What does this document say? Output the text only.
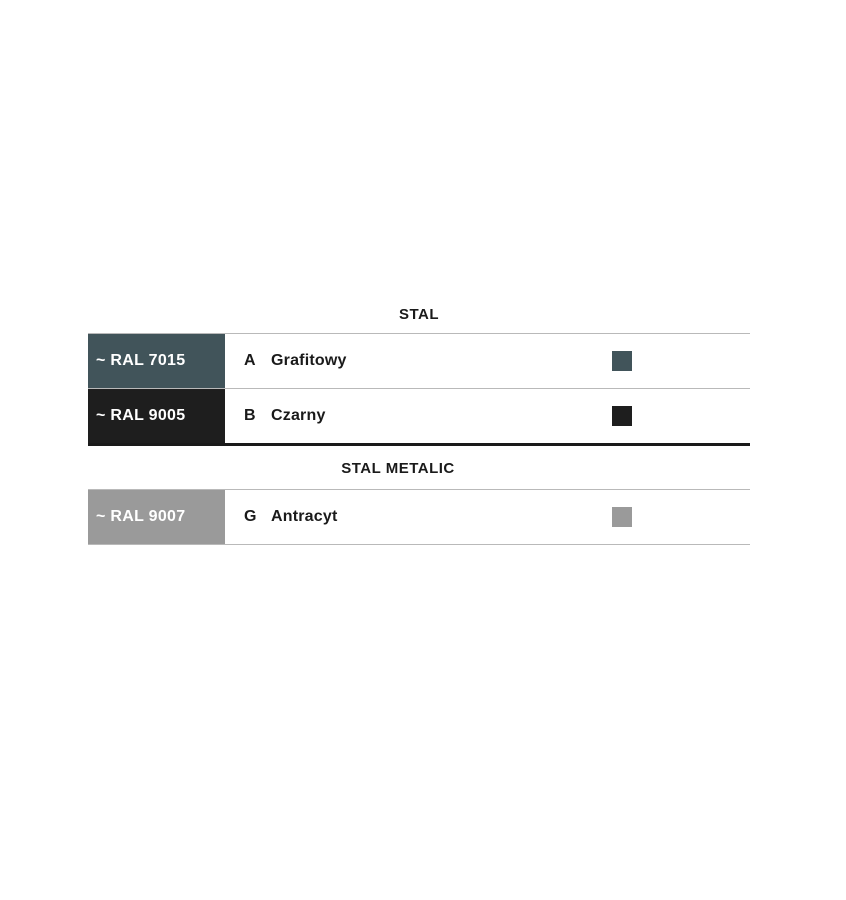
STAL
~ RAL 7015	A Grafitowy
~ RAL 9005	B Czarny
STAL METALIC
~ RAL 9007	G Antracyt
